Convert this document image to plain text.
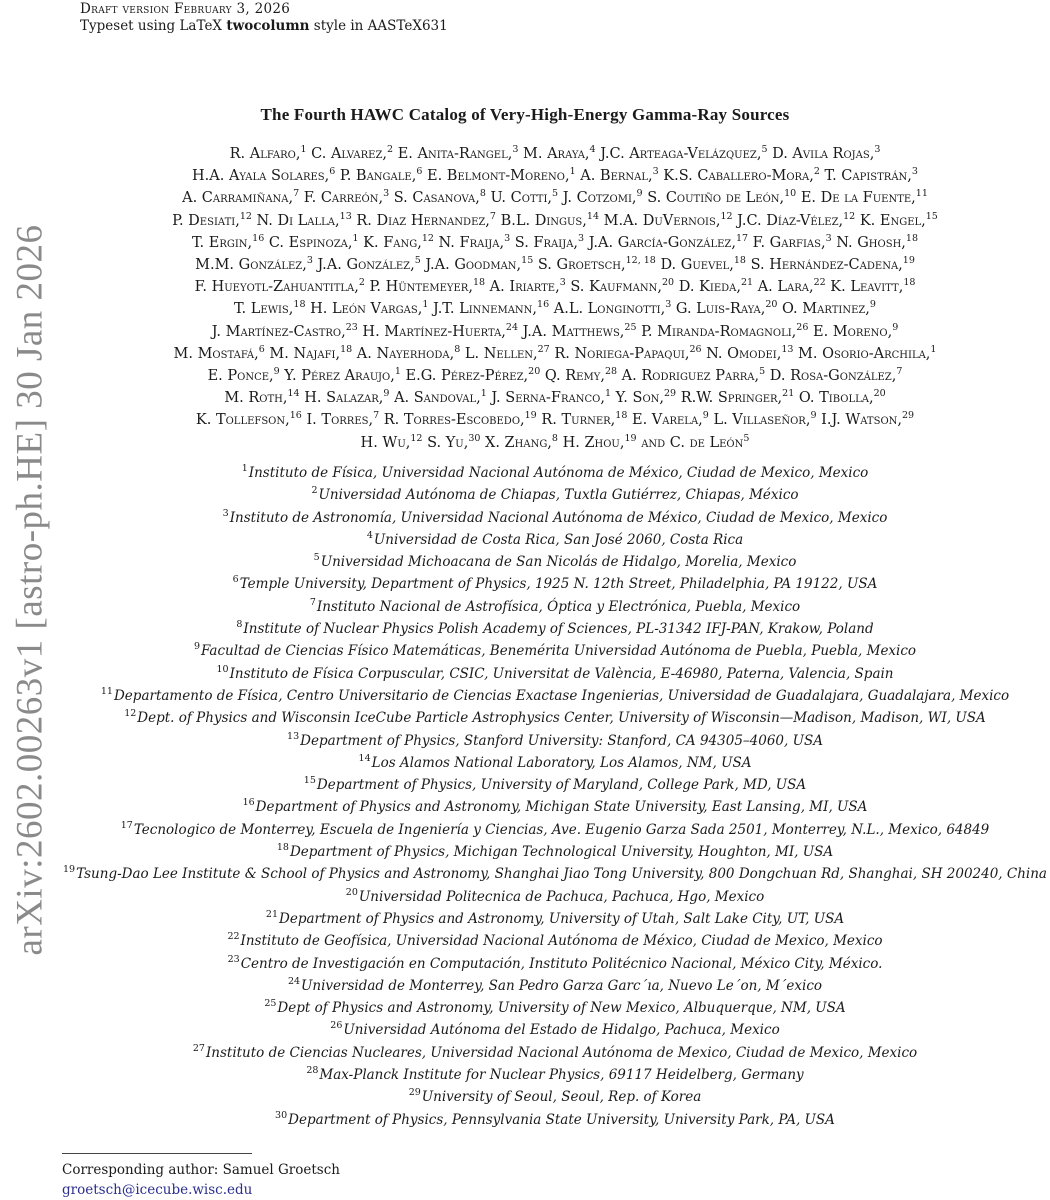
Draft version February 3, 2026
Typeset using LaTeX twocolumn style in AASTeX631
arXiv:2602.00263v1 [astro-ph.HE] 30 Jan 2026
The Fourth HAWC Catalog of Very-High-Energy Gamma-Ray Sources
R. Alfaro,$^1$ C. Alvarez,$^2$ E. Anita-Rangel,$^3$ M. Araya,$^4$ J.C. Arteaga-Velázquez,$^5$ D. Avila Rojas,$^3$
H.A. Ayala Solares,$^6$ P. Bangale,$^6$ E. Belmont-Moreno,$^1$ A. Bernal,$^3$ K.S. Caballero-Mora,$^2$ T. Capistrán,$^3$
A. Carramiñana,$^7$ F. Carreón,$^3$ S. Casanova,$^8$ U. Cotti,$^5$ J. Cotzomi,$^9$ S. Coutiño de León,$^{10}$ E. De la Fuente,$^{11}$
P. Desiati,$^{12}$ N. Di Lalla,$^{13}$ R. Diaz Hernandez,$^7$ B.L. Dingus,$^{14}$ M.A. DuVernois,$^{12}$ J.C. Díaz-Vélez,$^{12}$ K. Engel,$^{15}$
T. Ergin,$^{16}$ C. Espinoza,$^1$ K. Fang,$^{12}$ N. Fraija,$^3$ S. Fraija,$^3$ J.A. García-González,$^{17}$ F. Garfias,$^3$ N. Ghosh,$^{18}$
M.M. González,$^3$ J.A. González,$^5$ J.A. Goodman,$^{15}$ S. Groetsch,$^{12, 18}$ D. Guevel,$^{18}$ S. Hernández-Cadena,$^{19}$
F. Hueyotl-Zahuantitla,$^2$ P. Hüntemeyer,$^{18}$ A. Iriarte,$^3$ S. Kaufmann,$^{20}$ D. Kieda,$^{21}$ A. Lara,$^{22}$ K. Leavitt,$^{18}$
T. Lewis,$^{18}$ H. León Vargas,$^1$ J.T. Linnemann,$^{16}$ A.L. Longinotti,$^3$ G. Luis-Raya,$^{20}$ O. Martinez,$^9$
J. Martínez-Castro,$^{23}$ H. Martínez-Huerta,$^{24}$ J.A. Matthews,$^{25}$ P. Miranda-Romagnoli,$^{26}$ E. Moreno,$^9$
M. Mostafá,$^6$ M. Najafi,$^{18}$ A. Nayerhoda,$^8$ L. Nellen,$^{27}$ R. Noriega-Papaqui,$^{26}$ N. Omodei,$^{13}$ M. Osorio-Archila,$^1$
E. Ponce,$^9$ Y. Pérez Araujo,$^1$ E.G. Pérez-Pérez,$^{20}$ Q. Remy,$^{28}$ A. Rodriguez Parra,$^5$ D. Rosa-González,$^7$
M. Roth,$^{14}$ H. Salazar,$^9$ A. Sandoval,$^1$ J. Serna-Franco,$^1$ Y. Son,$^{29}$ R.W. Springer,$^{21}$ O. Tibolla,$^{20}$
K. Tollefson,$^{16}$ I. Torres,$^7$ R. Torres-Escobedo,$^{19}$ R. Turner,$^{18}$ E. Varela,$^9$ L. Villaseñor,$^9$ I.J. Watson,$^{29}$
H. Wu,$^{12}$ S. Yu,$^{30}$ X. Zhang,$^8$ H. Zhou,$^{19}$ and C. de León$^5$

$^1$Instituto de Física, Universidad Nacional Autónoma de México, Ciudad de Mexico, Mexico
$^2$Universidad Autónoma de Chiapas, Tuxtla Gutiérrez, Chiapas, México
$^3$Instituto de Astronomía, Universidad Nacional Autónoma de México, Ciudad de Mexico, Mexico
$^4$Universidad de Costa Rica, San José 2060, Costa Rica
$^5$Universidad Michoacana de San Nicolás de Hidalgo, Morelia, Mexico
$^6$Temple University, Department of Physics, 1925 N. 12th Street, Philadelphia, PA 19122, USA
$^7$Instituto Nacional de Astrofísica, Óptica y Electrónica, Puebla, Mexico
$^8$Institute of Nuclear Physics Polish Academy of Sciences, PL-31342 IFJ-PAN, Krakow, Poland
$^9$Facultad de Ciencias Físico Matemáticas, Benemérita Universidad Autónoma de Puebla, Puebla, Mexico
$^{10}$Instituto de Física Corpuscular, CSIC, Universitat de València, E-46980, Paterna, Valencia, Spain
$^{11}$Departamento de Física, Centro Universitario de Ciencias Exactase Ingenierias, Universidad de Guadalajara, Guadalajara, Mexico
$^{12}$Dept. of Physics and Wisconsin IceCube Particle Astrophysics Center, University of Wisconsin—Madison, Madison, WI, USA
$^{13}$Department of Physics, Stanford University: Stanford, CA 94305–4060, USA
$^{14}$Los Alamos National Laboratory, Los Alamos, NM, USA
$^{15}$Department of Physics, University of Maryland, College Park, MD, USA
$^{16}$Department of Physics and Astronomy, Michigan State University, East Lansing, MI, USA
$^{17}$Tecnologico de Monterrey, Escuela de Ingeniería y Ciencias, Ave. Eugenio Garza Sada 2501, Monterrey, N.L., Mexico, 64849
$^{18}$Department of Physics, Michigan Technological University, Houghton, MI, USA
$^{19}$Tsung-Dao Lee Institute & School of Physics and Astronomy, Shanghai Jiao Tong University, 800 Dongchuan Rd, Shanghai, SH 200240, China
$^{20}$Universidad Politecnica de Pachuca, Pachuca, Hgo, Mexico
$^{21}$Department of Physics and Astronomy, University of Utah, Salt Lake City, UT, USA
$^{22}$Instituto de Geofísica, Universidad Nacional Autónoma de México, Ciudad de Mexico, Mexico
$^{23}$Centro de Investigación en Computación, Instituto Politécnico Nacional, México City, México.
$^{24}$Universidad de Monterrey, San Pedro Garza Garc´ıa, Nuevo Le´on, M´exico
$^{25}$Dept of Physics and Astronomy, University of New Mexico, Albuquerque, NM, USA
$^{26}$Universidad Autónoma del Estado de Hidalgo, Pachuca, Mexico
$^{27}$Instituto de Ciencias Nucleares, Universidad Nacional Autónoma de Mexico, Ciudad de Mexico, Mexico
$^{28}$Max-Planck Institute for Nuclear Physics, 69117 Heidelberg, Germany
$^{29}$University of Seoul, Seoul, Rep. of Korea
$^{30}$Department of Physics, Pennsylvania State University, University Park, PA, USA
Corresponding author: Samuel Groetsch
groetsch@icecube.wisc.edu
